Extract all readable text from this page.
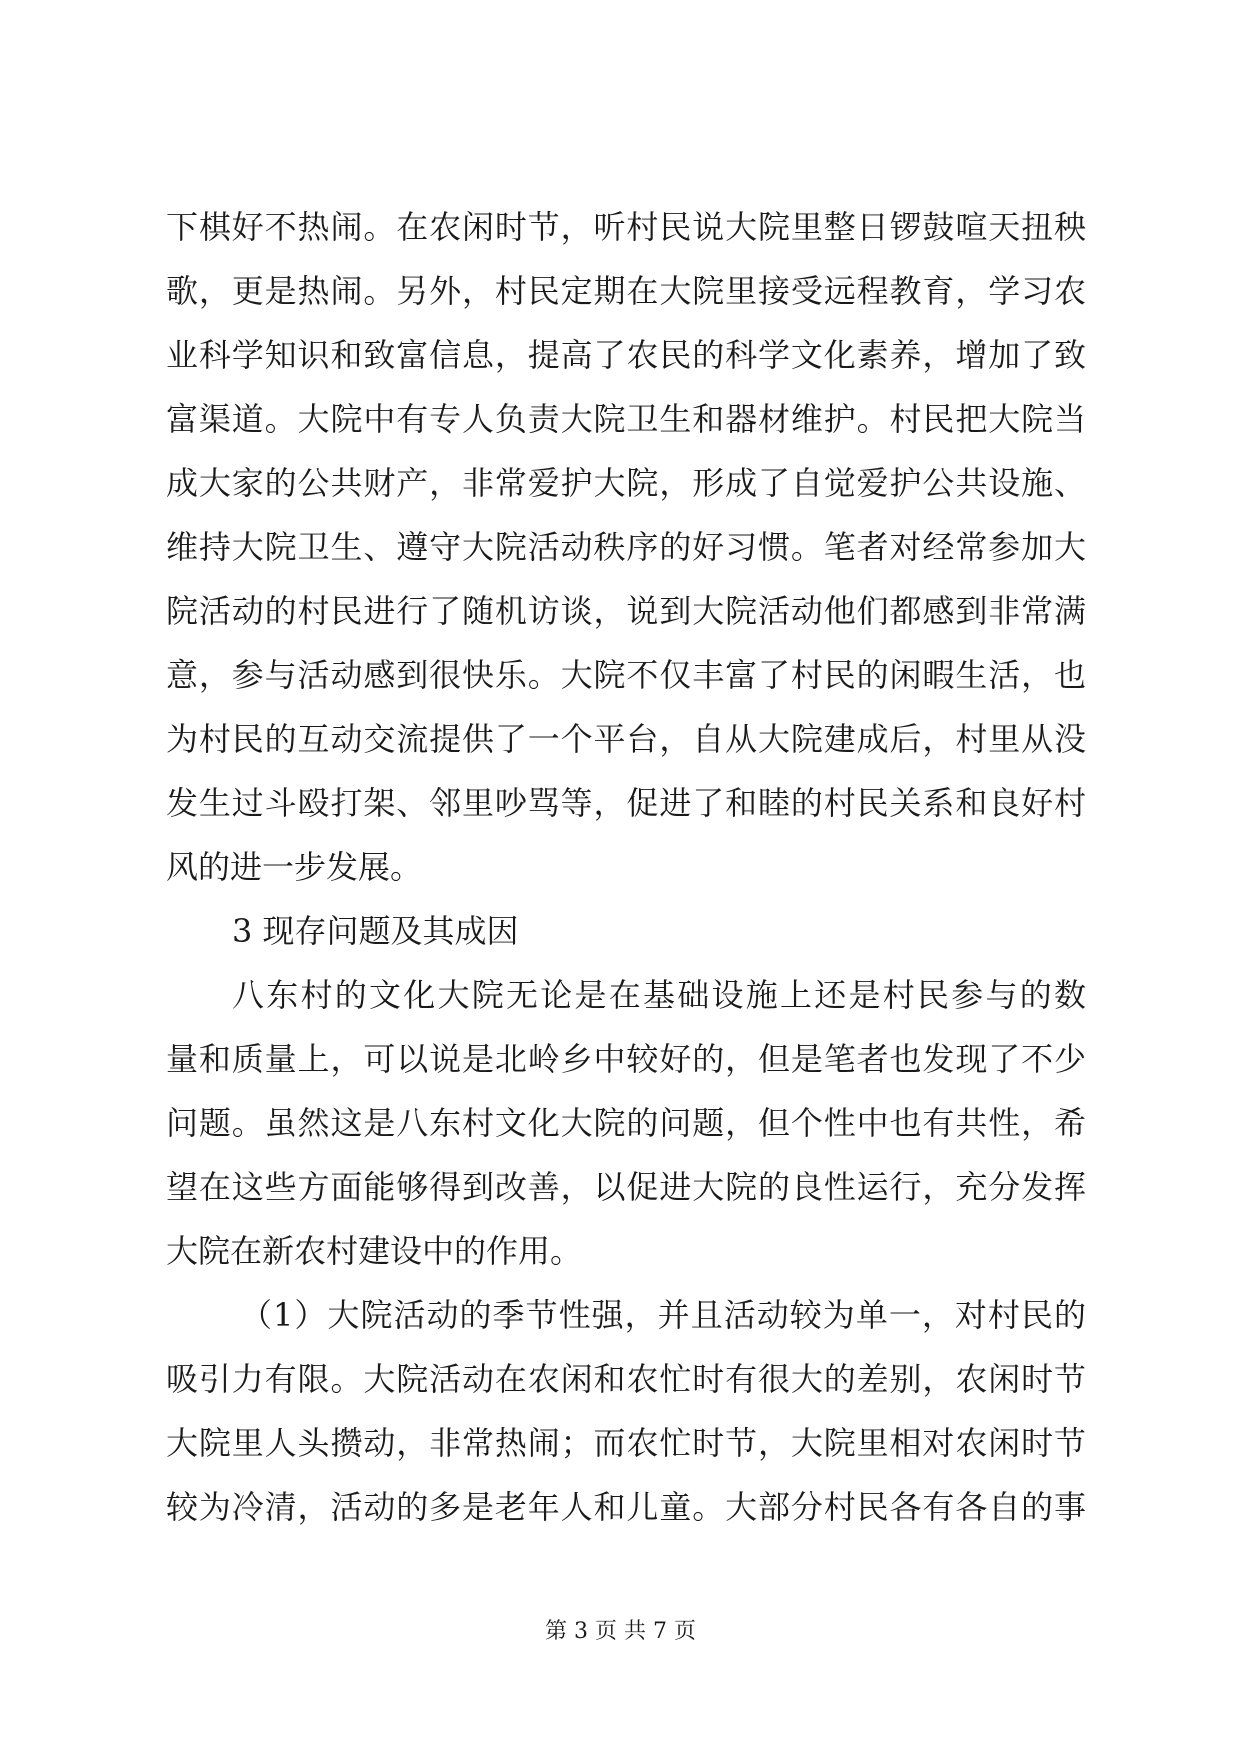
下棋好不热闹。在农闲时节，听村民说大院里整日锣鼓喧天扭秧
歌，更是热闹。另外，村民定期在大院里接受远程教育，学习农
业科学知识和致富信息，提高了农民的科学文化素养，增加了致
富渠道。大院中有专人负责大院卫生和器材维护。村民把大院当
成大家的公共财产，非常爱护大院，形成了自觉爱护公共设施、
维持大院卫生、遵守大院活动秩序的好习惯。笔者对经常参加大
院活动的村民进行了随机访谈，说到大院活动他们都感到非常满
意，参与活动感到很快乐。大院不仅丰富了村民的闲暇生活，也
为村民的互动交流提供了一个平台，自从大院建成后，村里从没
发生过斗殴打架、邻里吵骂等，促进了和睦的村民关系和良好村
风的进一步发展。
3 现存问题及其成因
八东村的文化大院无论是在基础设施上还是村民参与的数
量和质量上，可以说是北岭乡中较好的，但是笔者也发现了不少
问题。虽然这是八东村文化大院的问题，但个性中也有共性，希
望在这些方面能够得到改善，以促进大院的良性运行，充分发挥
大院在新农村建设中的作用。
（1）大院活动的季节性强，并且活动较为单一，对村民的
吸引力有限。大院活动在农闲和农忙时有很大的差别，农闲时节
大院里人头攒动，非常热闹；而农忙时节，大院里相对农闲时节
较为冷清，活动的多是老年人和儿童。大部分村民各有各自的事
第 3 页 共 7 页
